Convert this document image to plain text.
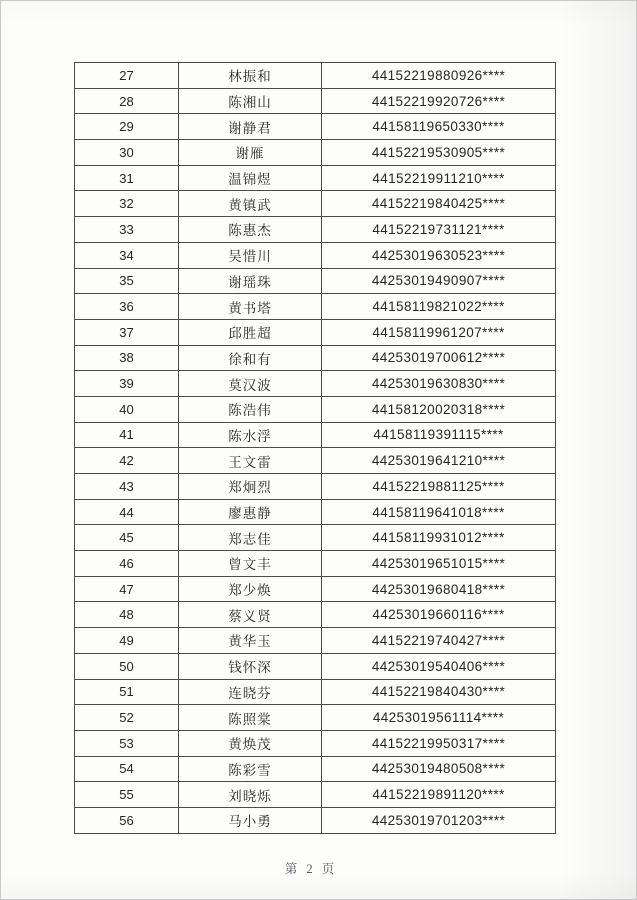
27	林振和	44152219880926****
28	陈湘山	44152219920726****
29	谢静君	44158119650330****
30	谢雁	44152219530905****
31	温锦煜	44152219911210****
32	黄镇武	44152219840425****
33	陈惠杰	44152219731121****
34	吴惜川	44253019630523****
35	谢瑶珠	44253019490907****
36	黄书塔	44158119821022****
37	邱胜超	44158119961207****
38	徐和有	44253019700612****
39	莫汉波	44253019630830****
40	陈浩伟	44158120020318****
41	陈水浮	44158119391115****
42	王文雷	44253019641210****
43	郑炯烈	44152219881125****
44	廖惠静	44158119641018****
45	郑志佳	44158119931012****
46	曾文丰	44253019651015****
47	郑少焕	44253019680418****
48	蔡义贤	44253019660116****
49	黄华玉	44152219740427****
50	钱怀深	44253019540406****
51	连晓芬	44152219840430****
52	陈照棠	44253019561114****
53	黄焕茂	44152219950317****
54	陈彩雪	44253019480508****
55	刘晓烁	44152219891120****
56	马小勇	44253019701203****
第 2 页
